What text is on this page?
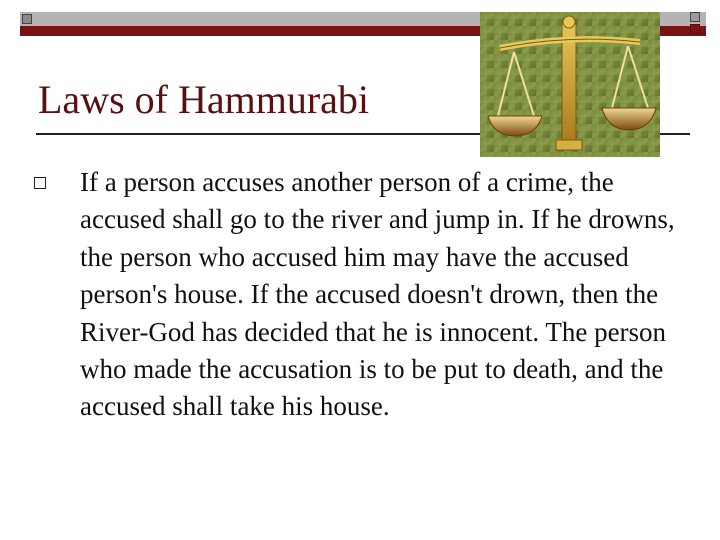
Laws of Hammurabi
If a person accuses another person of a crime, the accused shall go to the river and jump in. If he drowns, the person who accused him may have the accused person's house. If the accused doesn't drown, then the River-God has decided that he is innocent. The person who made the accusation is to be put to death, and the accused shall take his house.
